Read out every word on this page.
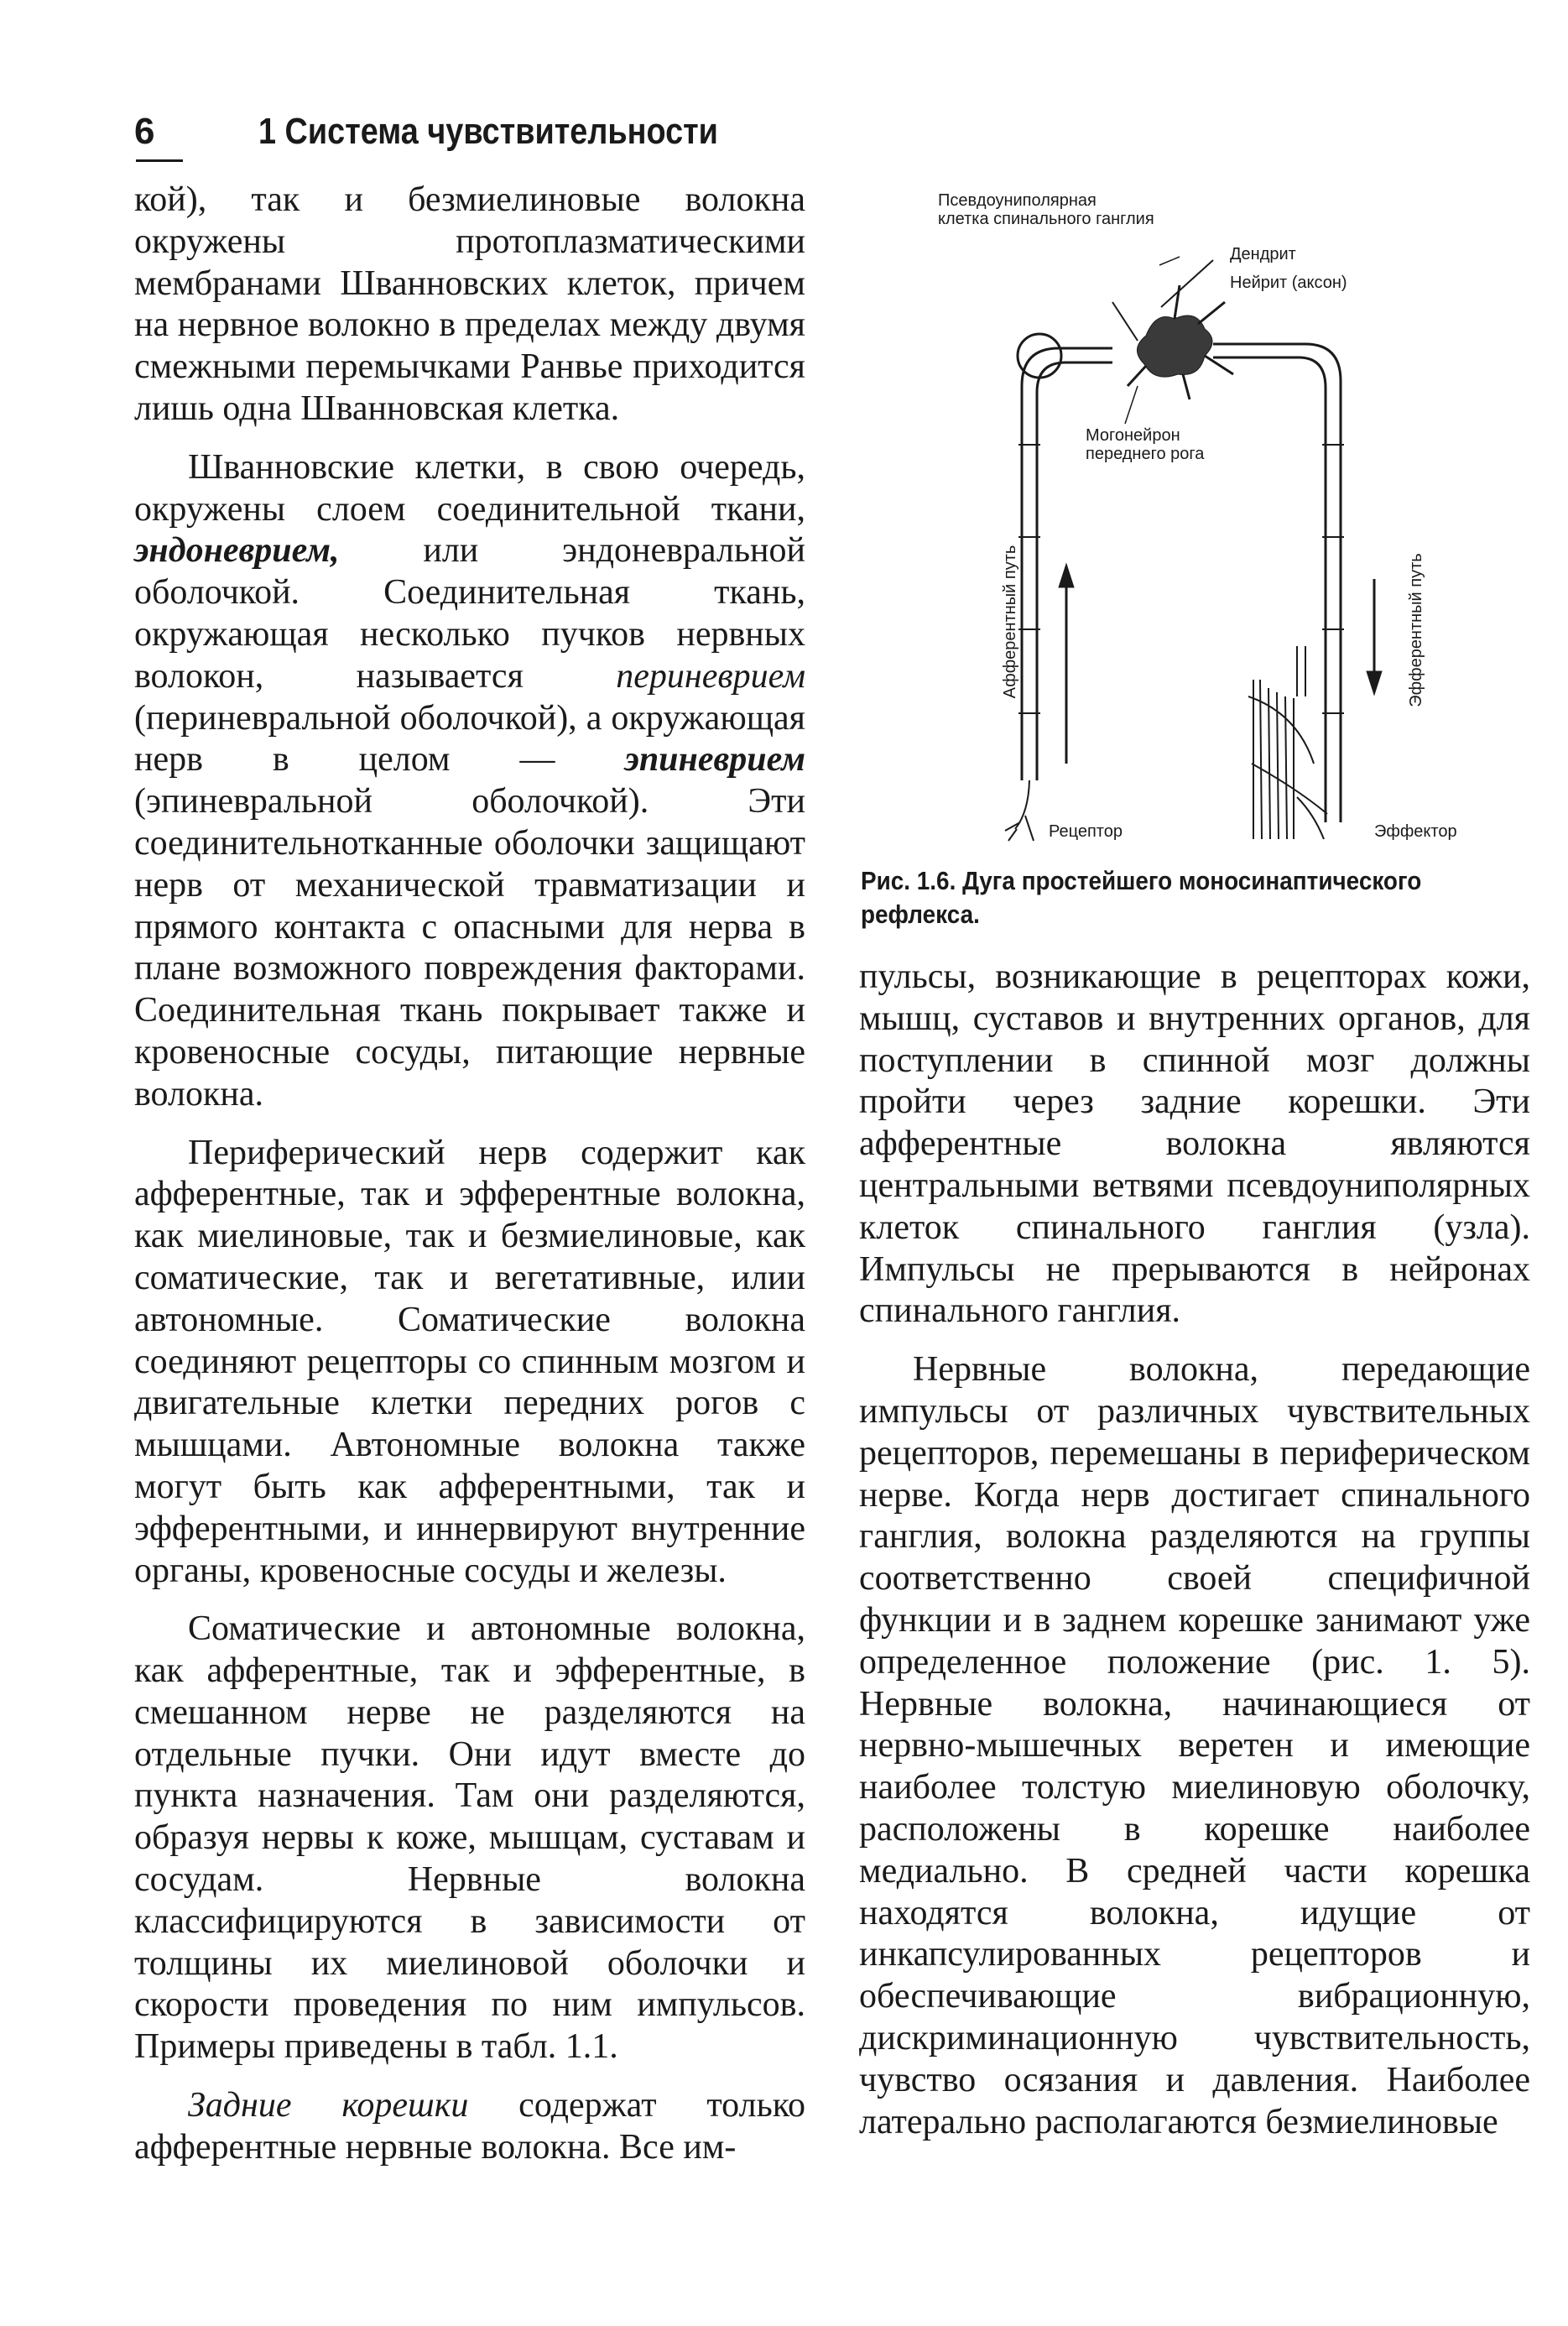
6	1 Система чувствительности

кой), так и безмиелиновые волокна окружены протоплазматическими мембранами Шванновских клеток, причем на нервное волокно в пределах между двумя смежными перемычками Ранвье приходится лишь одна Шванновская клетка.

Шванновские клетки, в свою очередь, окружены слоем соединительной ткани, эндоневрием, или эндоневральной оболочкой. Соединительная ткань, окружающая несколько пучков нервных волокон, называется периневрием (периневральной оболочкой), а окружающая нерв в целом — эпиневрием (эпиневральной оболочкой). Эти соединительнотканные оболочки защищают нерв от механической травматизации и прямого контакта с опасными для нерва в плане возможного повреждения факторами. Соединительная ткань покрывает также и кровеносные сосуды, питающие нервные волокна.

Периферический нерв содержит как афферентные, так и эфферентные волокна, как миелиновые, так и безмиелиновые, как соматические, так и вегетативные, илии автономные. Соматические волокна соединяют рецепторы со спинным мозгом и двигательные клетки передних рогов с мышцами. Автономные волокна также могут быть как афферентными, так и эфферентными, и иннервируют внутренние органы, кровеносные сосуды и железы.

Соматические и автономные волокна, как афферентные, так и эфферентные, в смешанном нерве не разделяются на отдельные пучки. Они идут вместе до пункта назначения. Там они разделяются, образуя нервы к коже, мышцам, суставам и сосудам. Нервные волокна классифицируются в зависимости от толщины их миелиновой оболочки и скорости проведения по ним импульсов. Примеры приведены в табл. 1.1.

Задние корешки содержат только афферентные нервные волокна. Все им-

Псевдоуниполярная
клетка спинального ганглия
Дендрит
Нейрит (аксон)
Могонейрон
переднего рога
Афферентный путь	Эфферентный путь
Рецептор	Эффектор
Рис. 1.6. Дуга простейшего моносинаптического рефлекса.

пульсы, возникающие в рецепторах кожи, мышц, суставов и внутренних органов, для поступлении в спинной мозг должны пройти через задние корешки. Эти афферентные волокна являются центральными ветвями псевдоуниполярных клеток спинального ганглия (узла). Импульсы не прерываются в нейронах спинального ганглия.

Нервные волокна, передающие импульсы от различных чувствительных рецепторов, перемешаны в периферическом нерве. Когда нерв достигает спинального ганглия, волокна разделяются на группы соответственно своей специфичной функции и в заднем корешке занимают уже определенное положение (рис. 1. 5). Нервные волокна, начинающиеся от нервно-мышечных веретен и имеющие наиболее толстую миелиновую оболочку, расположены в корешке наиболее медиально. В средней части корешка находятся волокна, идущие от инкапсулированных рецепторов и обеспечивающие вибрационную, дискриминационную чувствительность, чувство осязания и давления. Наиболее латерально располагаются безмиелиновые
